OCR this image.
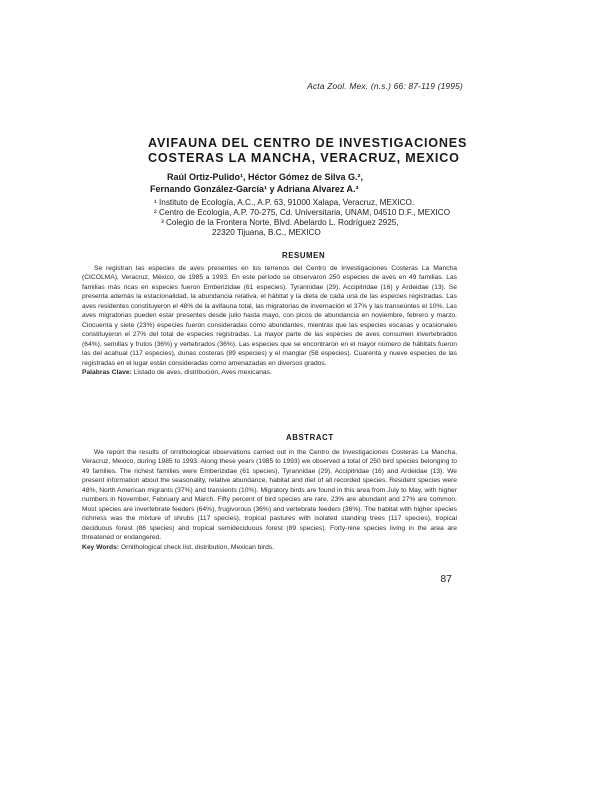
Acta Zool. Mex. (n.s.) 66: 87-119 (1995)
AVIFAUNA DEL CENTRO DE INVESTIGACIONES
COSTERAS LA MANCHA, VERACRUZ, MEXICO
Raúl Ortiz-Pulido¹, Héctor Gómez de Silva G.²,
Fernando González-García¹ y Adriana Alvarez A.³
¹ Instituto de Ecología, A.C., A.P. 63, 91000 Xalapa, Veracruz, MEXICO.
² Centro de Ecología, A.P. 70-275, Cd. Universitaria, UNAM, 04510 D.F., MEXICO
³ Colegio de la Frontera Norte, Blvd. Abelardo L. Rodríguez 2925,
22320 Tijuana, B.C., MEXICO
RESUMEN
Se registran las especies de aves presentes en los terrenos del Centro de Investigaciones Costeras La Mancha (CICOLMA), Veracruz, México, de 1985 a 1993. En este período se observaron 250 especies de aves en 49 familias. Las familias más ricas en especies fueron Emberizidae (61 especies), Tyrannidae (29), Accipitridae (16) y Ardeidae (13). Se presenta además la estacionalidad, la abundancia relativa, el hábitat y la dieta de cada una de las especies registradas. Las aves residentes constituyeron el 48% de la avifauna total, las migratorias de invernación el 37% y las transeúntes el 10%. Las aves migratorias pueden estar presentes desde julio hasta mayo, con picos de abundancia en noviembre, febrero y marzo. Cincuenta y siete (23%) especies fueron consideradas como abundantes, mientras que las especies escasas y ocasionales constituyeron el 27% del total de especies registradas. La mayor parte de las especies de aves consumen invertebrados (64%), semillas y frutos (36%) y vertebrados (36%). Las especies que se encontraron en el mayor número de hábitats fueron las del acahual (117 especies), dunas costeras (89 especies) y el manglar (58 especies). Cuarenta y nueve especies de las registradas en el lugar están consideradas como amenazadas en diversos grados.
Palabras Clave: Listado de aves, distribución, Aves mexicanas.
ABSTRACT
We report the results of ornithological observations carried out in the Centro de Investigaciones Costeras La Mancha, Veracruz, Mexico, during 1985 to 1993. Along these years (1985 to 1993) we observed a total of 250 bird species belonging to 49 families. The richest families were Emberizidae (61 species), Tyrannidae (29), Accipitridae (16) and Ardeidae (13). We present information about the seasonality, relative abundance, habitat and diet of all recorded species. Resident species were 48%, North American migrants (37%) and transients (10%). Migratory birds are found in this area from July to May, with higher numbers in November, February and March. Fifty percent of bird species are rare, 23% are abundant and 27% are common. Most species are invertebrate feeders (64%), frugivorous (36%) and vertebrate feeders (36%). The habitat with higher species richness was the mixture of shrubs (117 species), tropical pastures with isolated standing trees (117 species), tropical deciduous forest (86 species) and tropical semideciduous forest (89 species). Forty-nine species living in the area are threatened or endangered.
Key Words: Ornithological check list, distribution, Mexican birds.
87
